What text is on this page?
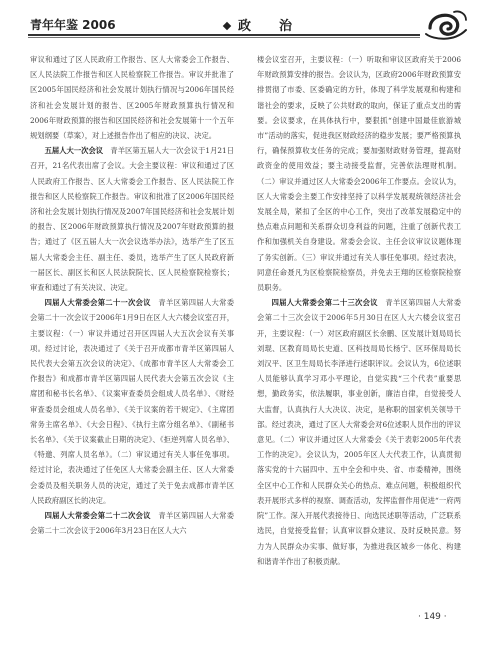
青年年鉴 2006	政 治

审议和通过了区人民政府工作报告、区人大常委会工作报告、区人民法院工作报告和区人民检察院工作报告。审议并批准了区2005年国民经济和社会发展计划执行情况与2006年国民经济和社会发展计划的报告、区2005年财政预算执行情况和2006年财政预算的报告和区国民经济和社会发展第十一个五年规划纲要（草案），对上述报告作出了相应的决议、决定。

五届人大一次会议　 青羊区第五届人大一次会议于1月21日召开，21名代表出席了会议。大会主要议程：审议和通过了区人民政府工作报告、区人大常委会工作报告、区人民法院工作报告和区人民检察院工作报告。审议和批准了区2006年国民经济和社会发展计划执行情况及2007年国民经济和社会发展计划的报告、区2006年财政预算执行情况及2007年财政预算的报告；通过了《区五届人大一次会议选举办法》，选举产生了区五届人大常委会主任、副主任、委员，选举产生了区人民政府新一届区长、副区长和区人民法院院长、区人民检察院检察长；审查和通过了有关决议、决定。

四届人大常委会第二十一次会议　 青羊区第四届人大常委会第二十一次会议于2006年1月9日在区人大六楼会议室召开，主要议程：（一）审议并通过召开区四届人大五次会议有关事项。经过讨论，表决通过了《关于召开成都市青羊区第四届人民代表大会第五次会议的决定》、《成都市青羊区人大常委会工作报告》和成都市青羊区第四届人民代表大会第五次会议《主席团和秘书长名单》、《议案审查委员会组成人员名单》、《财经审查委员会组成人员名单》、《关于议案的若干规定》、《主席团常务主席名单》、《大会日程》、《执行主席分组名单》、《副秘书长名单》、《关于议案截止日期的决定》、《拒逆列席人员名单》、《特邀、列席人员名单》。（二）审议通过有关人事任免事项。经过讨论，表决通过了任免区人大常委会副主任、区人大常委会委员及相关职务人员的决定，通过了关于免去成都市青羊区人民政府副区长的决定。

四届人大常委会第二十二次会议　 青羊区第四届人大常委会第二十二次会议于2006年3月23日在区人大六

楼会议室召开，主要议程：（一）听取和审议区政府关于2006年财政预算安排的报告。会议认为，区政府2006年财政预算安排贯彻了市委、区委确定的方针，体现了科学发展观和构建和谐社会的要求，反映了公共财政的取向，保证了重点支出的需要。会议要求，在具体执行中，要狠抓“创建中国最佳旅游城市”活动的落实，促进我区财政经济的稳步发展；要严格预算执行，确保预算收支任务的完成；要加强财政财务管理，提高财政资金的使用效益；要主动接受监督，完善依法理财机制。（二）审议并通过区人大常委会2006年工作要点。会议认为，区人大常委会主要工作安排坚持了以科学发展观统领经济社会发展全局，紧扣了全区的中心工作，突出了改革发展稳定中的热点难点问题和关系群众切身利益的问题，注重了创新代表工作和加强机关自身建设。常委会会议、主任会议审议议题体现了务实创新。（三）审议并通过有关人事任免事项。经过表决，同意任命聂凡为区检察院检察员，并免去王翔的区检察院检察员职务。

四届人大常委会第二十三次会议　 青羊区第四届人大常委会第二十三次会议于2006年5月30日在区人大六楼会议室召开，主要议程：（一）对区政府副区长余鹏、区发展计划局局长刘琨、区教育局局长史道、区科技局局长杨宁、区环保局局长刘汉平、区卫生局局长李泽进行述职评议。会议认为，6位述职人员能够认真学习邓小平理论，自觉实践“三个代表”重要思想，勤政务实，依法履职，事业创新，廉洁自律，自觉接受人大监督，认真执行人大决议、决定，是称职的国家机关领导干部。经过表决，通过了区人大常委会对6位述职人员作出的评议意见。（二）审议并通过区人大常委会《关于表彰2005年代表工作的决定》。会议认为，2005年区人大代表工作，认真贯彻落实党的十六届四中、五中全会和中央、省、市委精神，围绕全区中心工作和人民群众关心的热点、难点问题，积极组织代表开展形式多样的视察、调查活动，发挥监督作用促进“一府两院”工作。深入开展代表接待日、向选民述职等活动，广泛联系选民，自觉接受监督；认真审议群众建议、及时反映民意。努力为人民群众办实事、做好事，为推进我区城乡一体化、构建和谐青羊作出了积极贡献。

· 149 ·
